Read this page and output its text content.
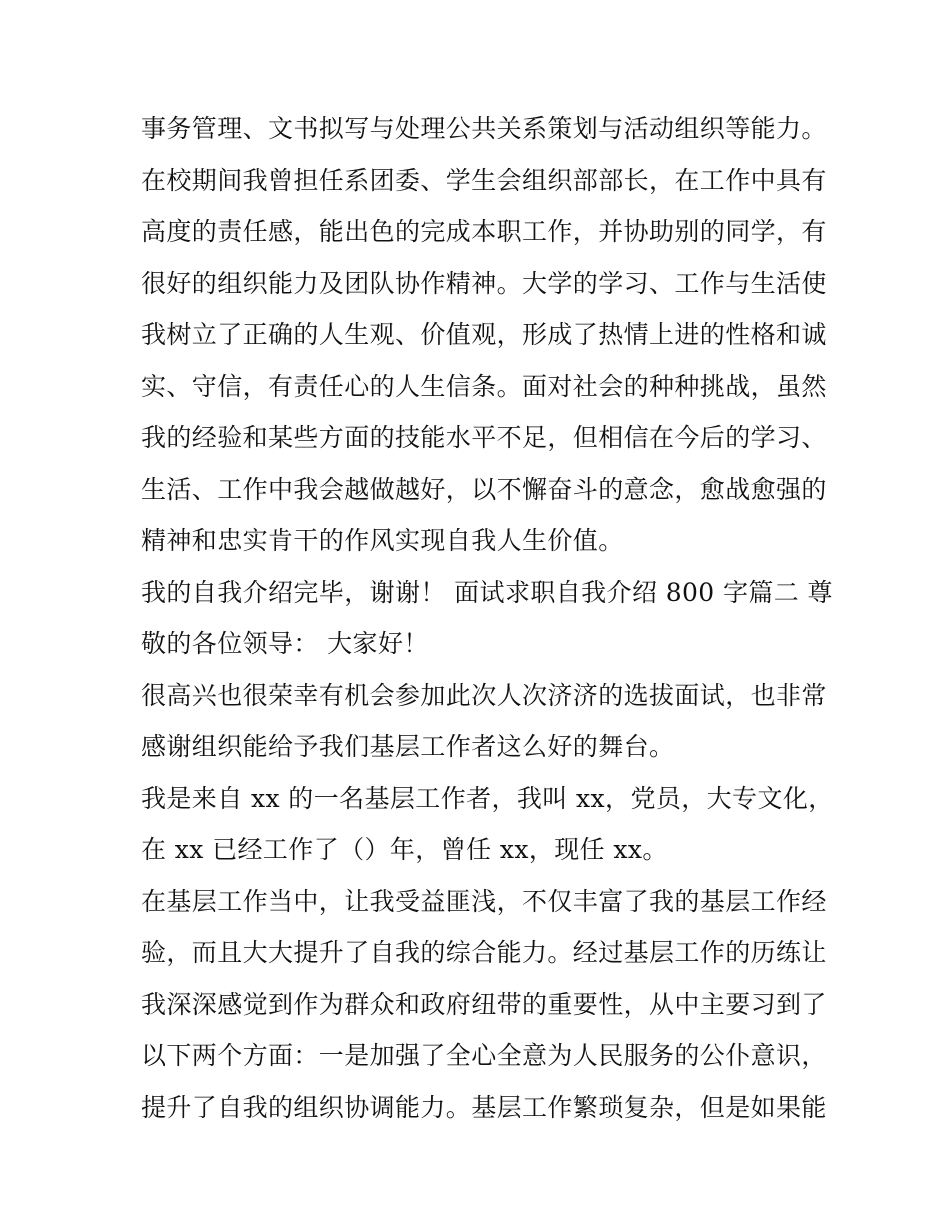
事务管理、文书拟写与处理公共关系策划与活动组织等能力。
在校期间我曾担任系团委、学生会组织部部长，在工作中具有
高度的责任感，能出色的完成本职工作，并协助别的同学，有
很好的组织能力及团队协作精神。大学的学习、工作与生活使
我树立了正确的人生观、价值观，形成了热情上进的性格和诚
实、守信，有责任心的人生信条。面对社会的种种挑战，虽然
我的经验和某些方面的技能水平不足，但相信在今后的学习、
生活、工作中我会越做越好，以不懈奋斗的意念，愈战愈强的
精神和忠实肯干的作风实现自我人生价值。
我的自我介绍完毕，谢谢！ 面试求职自我介绍 800 字篇二 尊
敬的各位领导： 大家好！
很高兴也很荣幸有机会参加此次人次济济的选拔面试，也非常
感谢组织能给予我们基层工作者这么好的舞台。
我是来自 xx 的一名基层工作者，我叫 xx，党员，大专文化，
在 xx 已经工作了（）年，曾任 xx，现任 xx。
在基层工作当中，让我受益匪浅，不仅丰富了我的基层工作经
验，而且大大提升了自我的综合能力。经过基层工作的历练让
我深深感觉到作为群众和政府纽带的重要性，从中主要习到了
以下两个方面：一是加强了全心全意为人民服务的公仆意识，
提升了自我的组织协调能力。基层工作繁琐复杂，但是如果能
